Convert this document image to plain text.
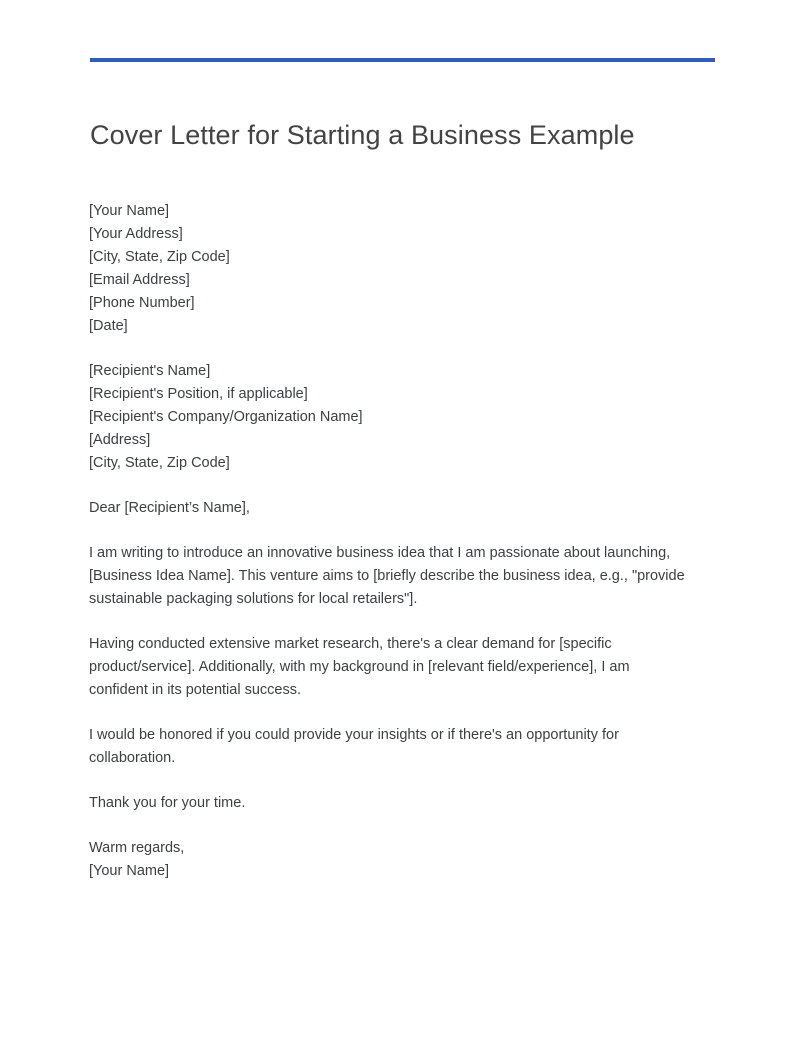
Cover Letter for Starting a Business Example
[Your Name]
[Your Address]
[City, State, Zip Code]
[Email Address]
[Phone Number]
[Date]
[Recipient's Name]
[Recipient's Position, if applicable]
[Recipient's Company/Organization Name]
[Address]
[City, State, Zip Code]

Dear [Recipient’s Name],

I am writing to introduce an innovative business idea that I am passionate about launching, [Business Idea Name]. This venture aims to [briefly describe the business idea, e.g., "provide sustainable packaging solutions for local retailers"].

Having conducted extensive market research, there's a clear demand for [specific product/service]. Additionally, with my background in [relevant field/experience], I am confident in its potential success.

I would be honored if you could provide your insights or if there's an opportunity for collaboration.

Thank you for your time.

Warm regards,
[Your Name]
